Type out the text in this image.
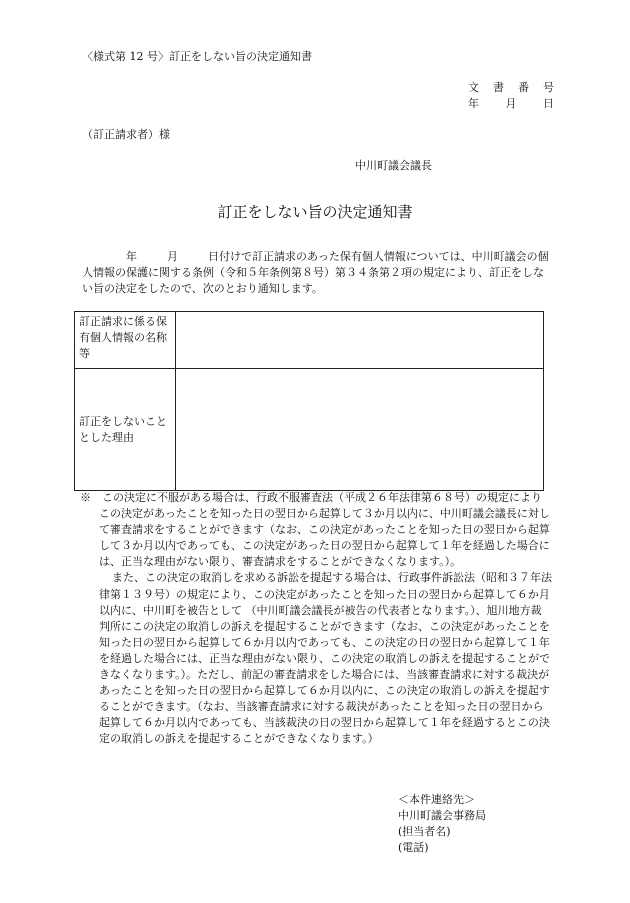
〈様式第 12 号〉訂正をしない旨の決定通知書
文書番号
年 月 日
（訂正請求者）様
中川町議会議長
訂正をしない旨の決定通知書
年	月	日付けで訂正請求のあった保有個人情報については、中川町議会の個人情報の保護に関する条例（令和５年条例第８号）第３４条第２項の規定により、訂正をしない旨の決定をしたので、次のとおり通知します。
訂正請求に係る保有個人情報の名称等	
訂正をしないこととした理由	

※　 この決定に不服がある場合は、行政不服審査法（平成２６年法律第６８号）の規定によりこの決定があったことを知った日の翌日から起算して３か月以内に、中川町議会議長に対して審査請求をすることができます（なお、この決定があったことを知った日の翌日から起算して３か月以内であっても、この決定があった日の翌日から起算して１年を経過した場合には、正当な理由がない限り、審査請求をすることができなくなります。）。

また、この決定の取消しを求める訴訟を提起する場合は、行政事件訴訟法（昭和３７年法律第１３９号）の規定により、この決定があったことを知った日の翌日から起算して６か月以内に、中川町を被告として （中川町議会議長が被告の代表者となります。）、旭川地方裁判所にこの決定の取消しの訴えを提起することができます（なお、この決定があったことを知った日の翌日から起算して６か月以内であっても、この決定の日の翌日から起算して１年を経過した場合には、正当な理由がない限り、この決定の取消しの訴えを提起することができなくなります。）。ただし、前記の審査請求をした場合には、当該審査請求に対する裁決があったことを知った日の翌日から起算して６か月以内に、この決定の取消しの訴えを提起することができます。（なお、当該審査請求に対する裁決があったことを知った日の翌日から起算して６か月以内であっても、当該裁決の日の翌日から起算して１年を経過するとこの決定の取消しの訴えを提起することができなくなります。）

＜本件連絡先＞
中川町議会事務局
(担当者名)
(電話)
